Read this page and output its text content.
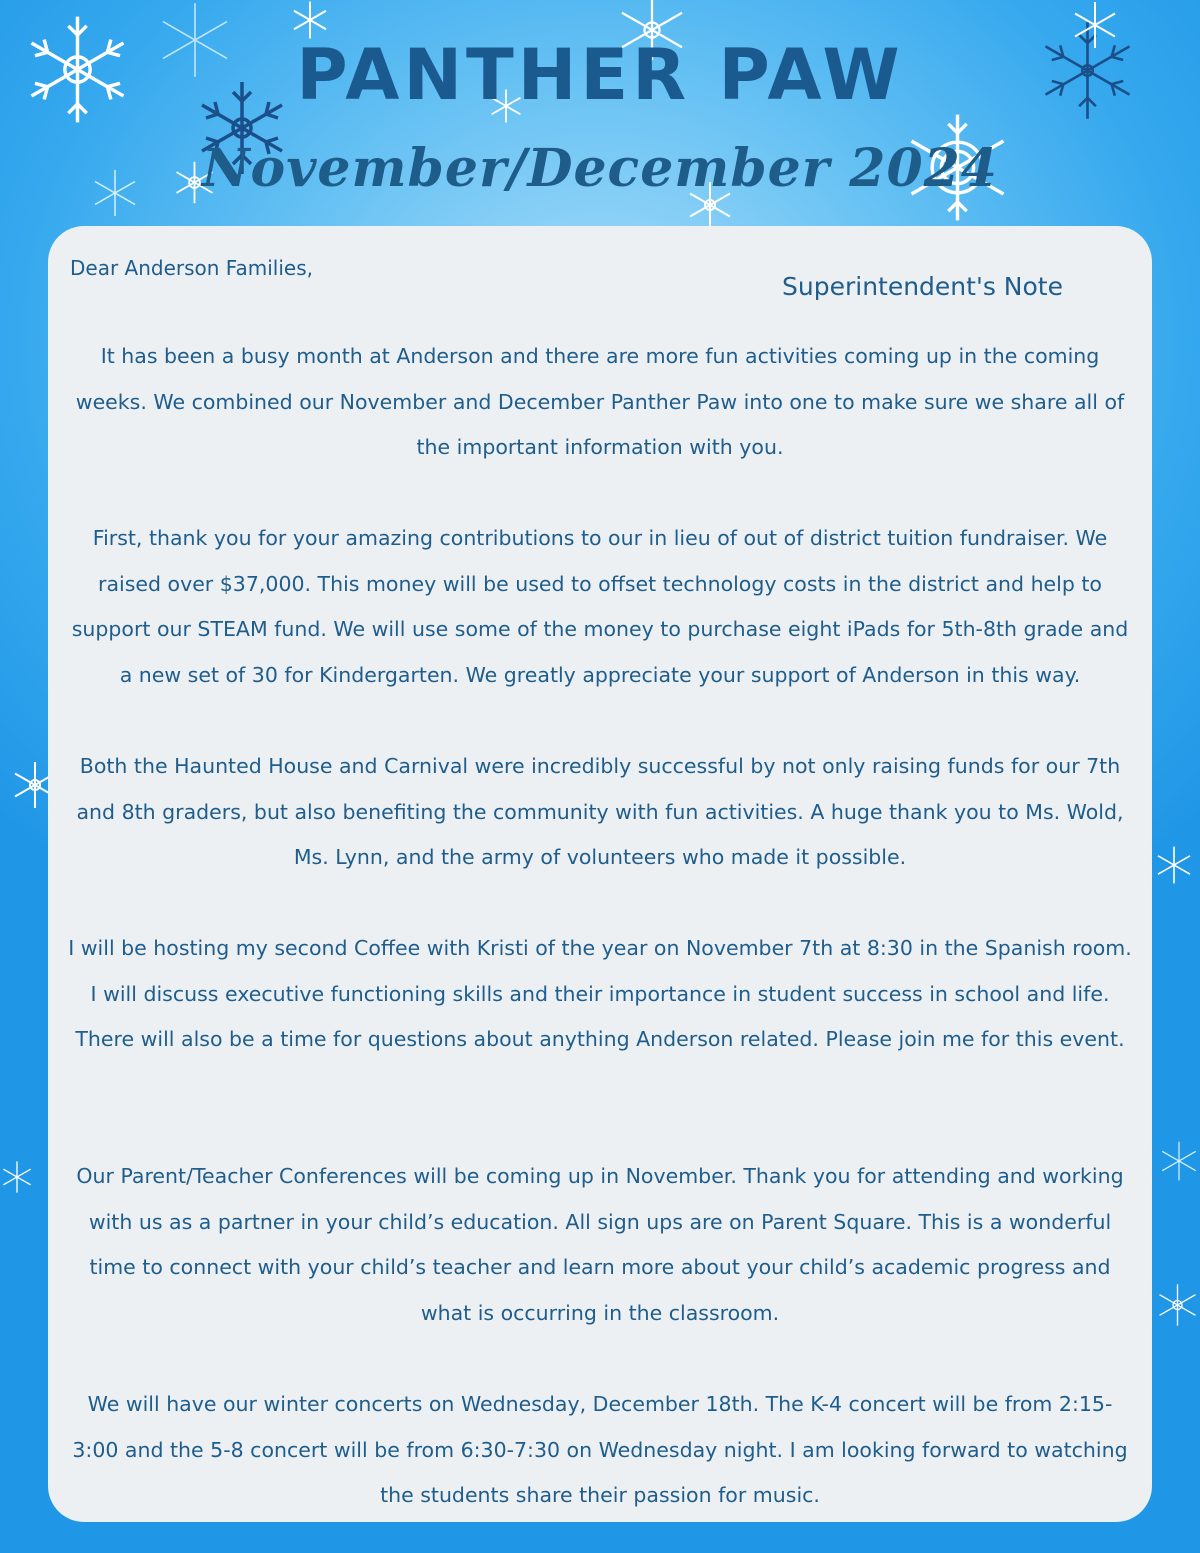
PANTHER PAW
November/December 2024
Dear Anderson Families,
Superintendent's Note

It has been a busy month at Anderson and there are more fun activities coming up in the coming weeks. We combined our November and December Panther Paw into one to make sure we share all of the important information with you.

First, thank you for your amazing contributions to our in lieu of out of district tuition fundraiser. We raised over $37,000. This money will be used to offset technology costs in the district and help to support our STEAM fund. We will use some of the money to purchase eight iPads for 5th-8th grade and a new set of 30 for Kindergarten. We greatly appreciate your support of Anderson in this way.

Both the Haunted House and Carnival were incredibly successful by not only raising funds for our 7th and 8th graders, but also benefiting the community with fun activities. A huge thank you to Ms. Wold, Ms. Lynn, and the army of volunteers who made it possible.

I will be hosting my second Coffee with Kristi of the year on November 7th at 8:30 in the Spanish room. I will discuss executive functioning skills and their importance in student success in school and life. There will also be a time for questions about anything Anderson related. Please join me for this event.

Our Parent/Teacher Conferences will be coming up in November. Thank you for attending and working with us as a partner in your child’s education. All sign ups are on Parent Square. This is a wonderful time to connect with your child’s teacher and learn more about your child’s academic progress and what is occurring in the classroom.

We will have our winter concerts on Wednesday, December 18th. The K-4 concert will be from 2:15-3:00 and the 5-8 concert will be from 6:30-7:30 on Wednesday night. I am looking forward to watching the students share their passion for music.
